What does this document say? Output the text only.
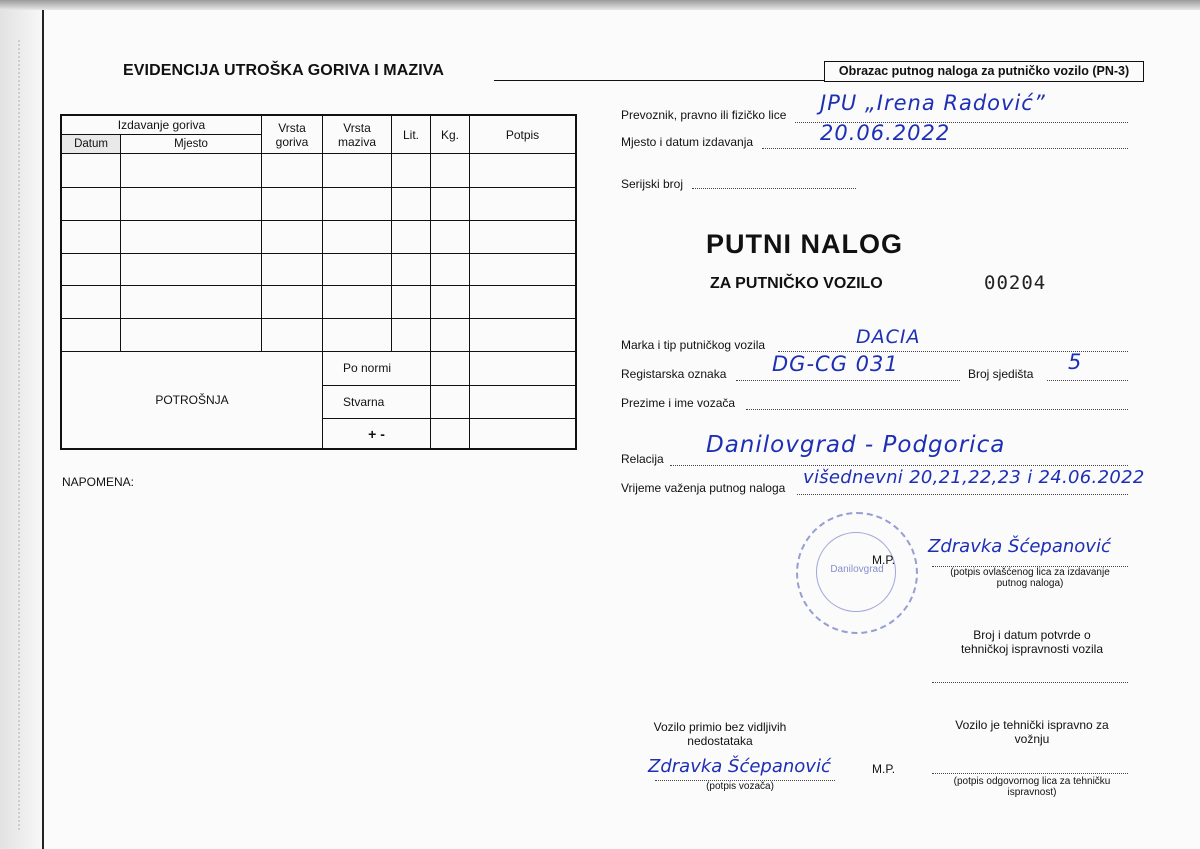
EVIDENCIJA UTROŠKA GORIVA I MAZIVA	Obrazac putnog naloga za putničko vozilo (PN-3)
Izdavanje goriva		Vrsta goriva	Vrsta maziva	Lit.	Kg.	Potpis
Datum	Mjesto					

POTROŠNJA			Po normi			
			Stvarna			
			+ -			
NAPOMENA:
Prevoznik, pravno ili fizičko lice JPU „Irena Radović”
Mjesto i datum izdavanja	20.06.2022
Serijski broj
PUTNI NALOG
ZA PUTNIČKO VOZILO	00204
Marka i tip putničkog vozila	DACIA
Registarska oznaka DG-CG 031	Broj sjedišta 5
Prezime i ime vozača
Relacija
Danilovgrad - Podgorica
Vrijeme važenja putnog naloga višednevni 20,21,22,23 i 24.06.2022
Danilovgrad
M.P.
Zdravka Šćepanović
(potpis ovlašćenog lica za izdavanje putnog naloga)
Broj i datum potvrde o tehničkoj ispravnosti vozila
Vozilo primio bez vidljivih nedostataka
Zdravka Šćepanović
(potpis vozača)
M.P.
Vozilo je tehnički ispravno za vožnju
(potpis odgovornog lica za tehničku ispravnost)
